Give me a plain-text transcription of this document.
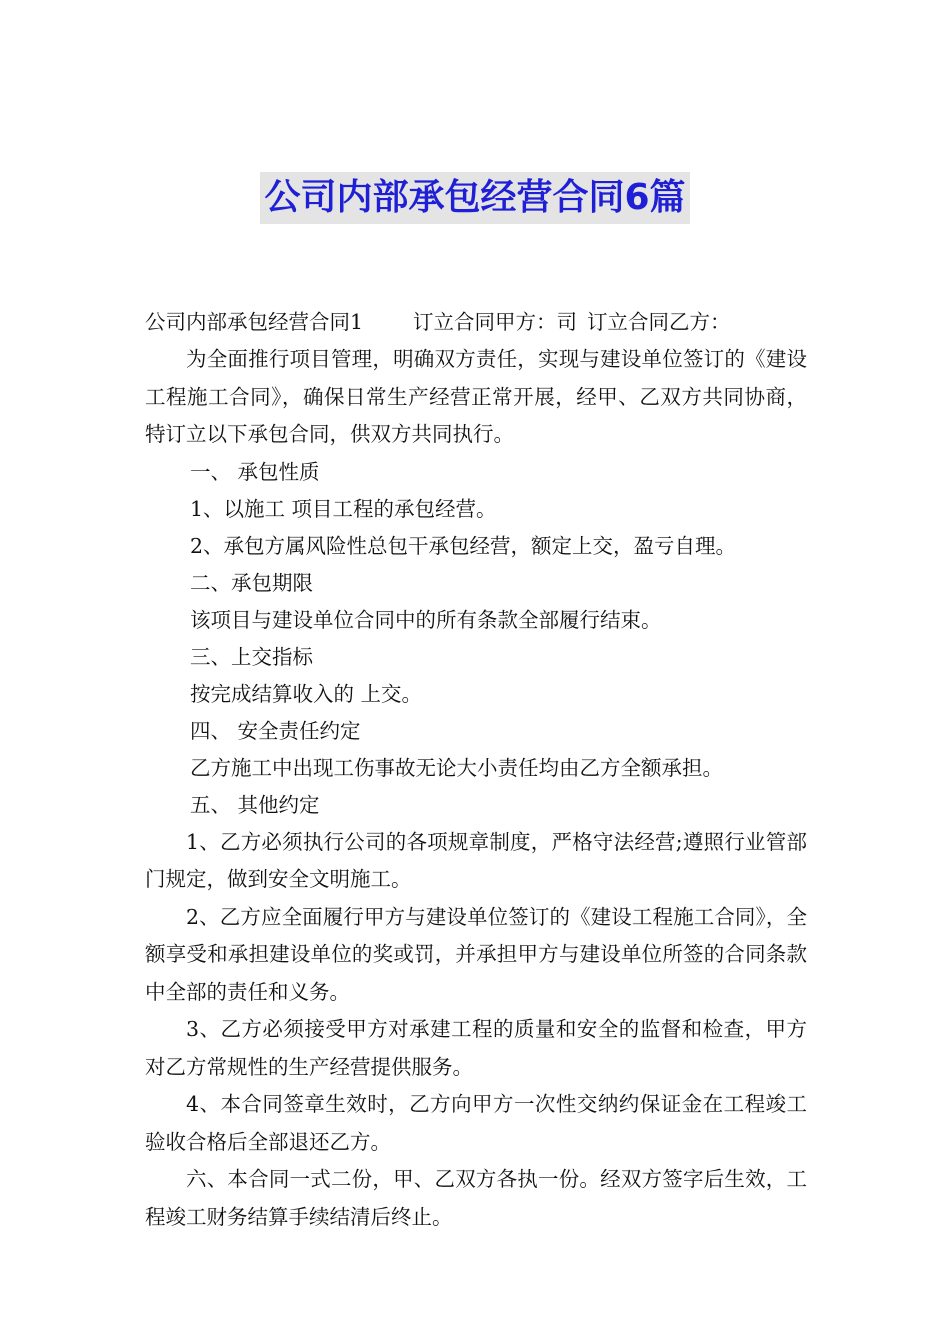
公司内部承包经营合同6篇
公司内部承包经营合同1 订立合同甲方：司 订立合同乙方：
为全面推行项目管理，明确双方责任，实现与建设单位签订的《建设工程施工合同》，确保日常生产经营正常开展，经甲、乙双方共同协商，特订立以下承包合同，供双方共同执行。
一、 承包性质
1、以施工 项目工程的承包经营。
2、承包方属风险性总包干承包经营，额定上交，盈亏自理。
二、承包期限
该项目与建设单位合同中的所有条款全部履行结束。
三、上交指标
按完成结算收入的 上交。
四、 安全责任约定
乙方施工中出现工伤事故无论大小责任均由乙方全额承担。
五、 其他约定
1、乙方必须执行公司的各项规章制度，严格守法经营;遵照行业管部门规定，做到安全文明施工。
2、乙方应全面履行甲方与建设单位签订的《建设工程施工合同》，全额享受和承担建设单位的奖或罚，并承担甲方与建设单位所签的合同条款中全部的责任和义务。
3、乙方必须接受甲方对承建工程的质量和安全的监督和检查，甲方对乙方常规性的生产经营提供服务。
4、本合同签章生效时，乙方向甲方一次性交纳约保证金在工程竣工验收合格后全部退还乙方。
六、本合同一式二份，甲、乙双方各执一份。经双方签字后生效，工程竣工财务结算手续结清后终止。
